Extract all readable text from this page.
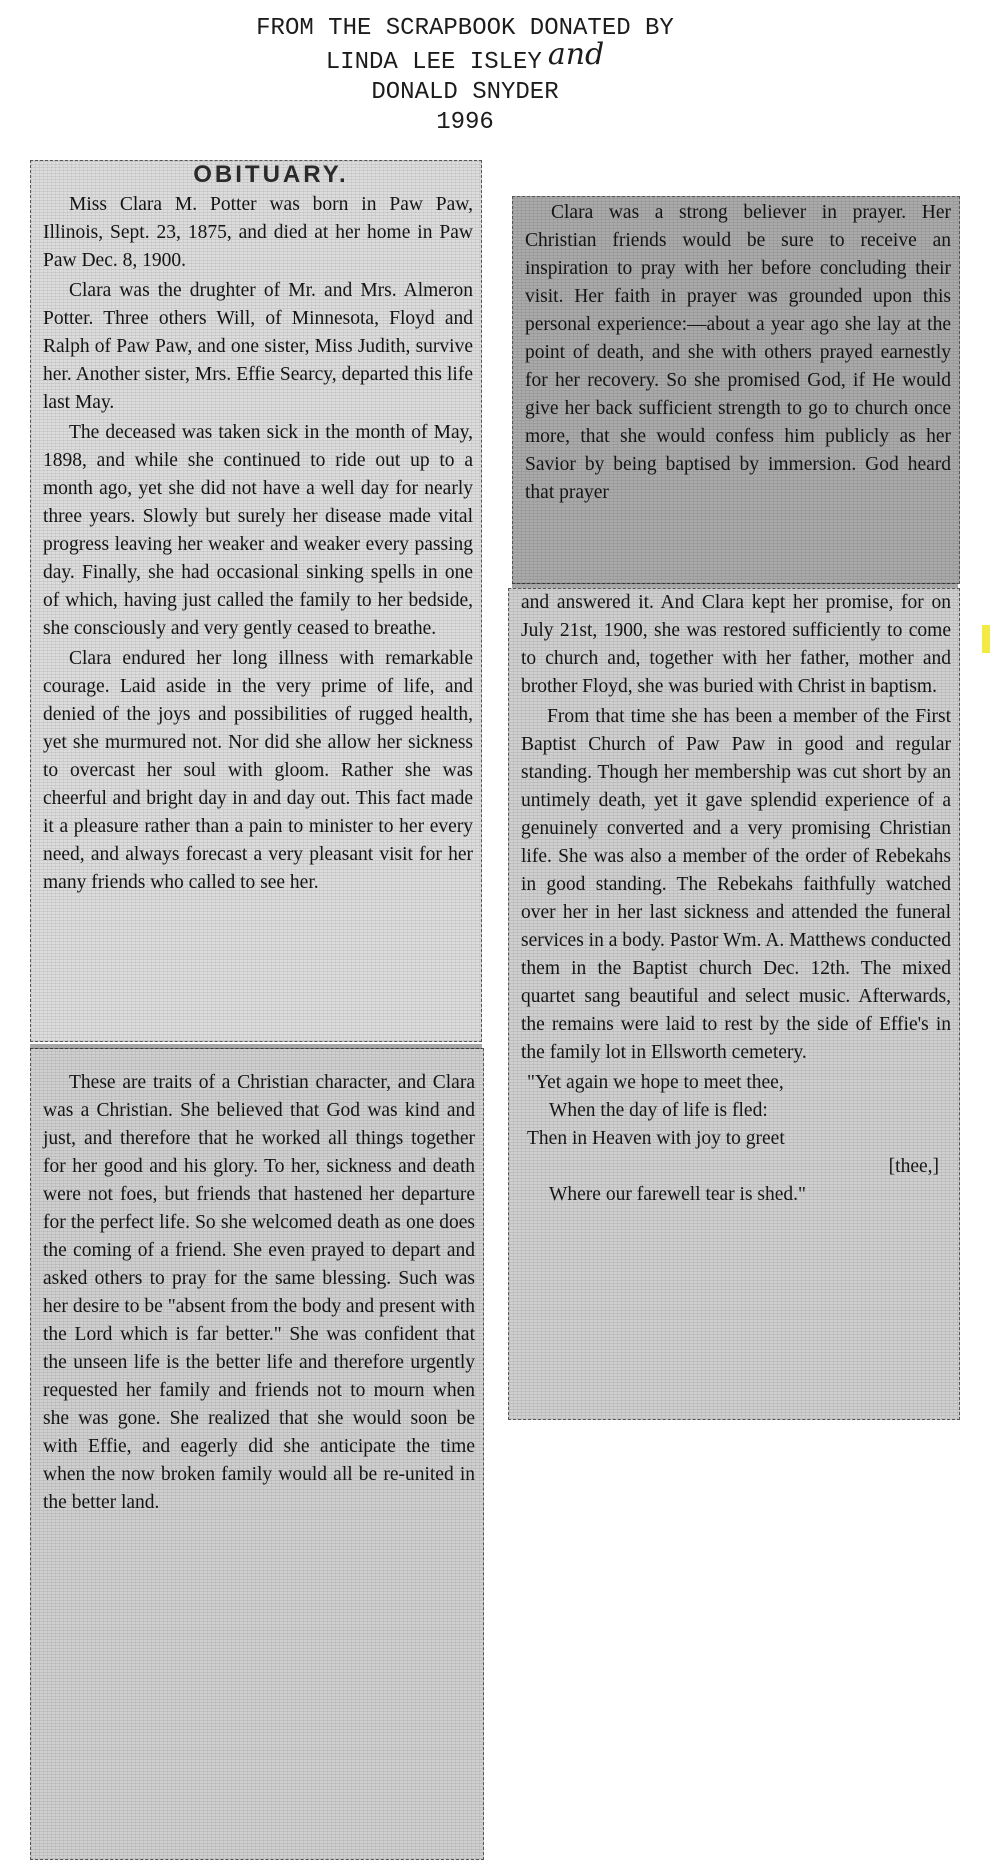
FROM THE SCRAPBOOK DONATED BY
LINDA LEE ISLEY and
DONALD SNYDER
1996

OBITUARY.

Miss Clara M. Potter was born in Paw Paw, Illinois, Sept. 23, 1875, and died at her home in Paw Paw Dec. 8, 1900.

Clara was the drughter of Mr. and Mrs. Almeron Potter. Three others Will, of Minnesota, Floyd and Ralph of Paw Paw, and one sister, Miss Judith, survive her. Another sister, Mrs. Effie Searcy, departed this life last May.

The deceased was taken sick in the month of May, 1898, and while she continued to ride out up to a month ago, yet she did not have a well day for nearly three years. Slowly but surely her disease made vital progress leaving her weaker and weaker every passing day. Finally, she had occasional sinking spells in one of which, having just called the family to her bedside, she consciously and very gently ceased to breathe.

Clara endured her long illness with remarkable courage. Laid aside in the very prime of life, and denied of the joys and possibilities of rugged health, yet she murmured not. Nor did she allow her sickness to overcast her soul with gloom. Rather she was cheerful and bright day in and day out. This fact made it a pleasure rather than a pain to minister to her every need, and always forecast a very pleasant visit for her many friends who called to see her.

These are traits of a Christian character, and Clara was a Christian. She believed that God was kind and just, and therefore that he worked all things together for her good and his glory. To her, sickness and death were not foes, but friends that hastened her departure for the perfect life. So she welcomed death as one does the coming of a friend. She even prayed to depart and asked others to pray for the same blessing. Such was her desire to be "absent from the body and present with the Lord which is far better." She was confident that the unseen life is the better life and therefore urgently requested her family and friends not to mourn when she was gone. She realized that she would soon be with Effie, and eagerly did she anticipate the time when the now broken family would all be re-united in the better land.

Clara was a strong believer in prayer. Her Christian friends would be sure to receive an inspiration to pray with her before concluding their visit. Her faith in prayer was grounded upon this personal experience:—about a year ago she lay at the point of death, and she with others prayed earnestly for her recovery. So she promised God, if He would give her back sufficient strength to go to church once more, that she would confess him publicly as her Savior by being baptised by immersion. God heard that prayer

and answered it. And Clara kept her promise, for on July 21st, 1900, she was restored sufficiently to come to church and, together with her father, mother and brother Floyd, she was buried with Christ in baptism.

From that time she has been a member of the First Baptist Church of Paw Paw in good and regular standing. Though her membership was cut short by an untimely death, yet it gave splendid experience of a genuinely converted and a very promising Christian life. She was also a member of the order of Rebekahs in good standing. The Rebekahs faithfully watched over her in her last sickness and attended the funeral services in a body. Pastor Wm. A. Matthews conducted them in the Baptist church Dec. 12th. The mixed quartet sang beautiful and select music. Afterwards, the remains were laid to rest by the side of Effie's in the family lot in Ellsworth cemetery.

"Yet again we hope to meet thee,
When the day of life is fled:
Then in Heaven with joy to greet
[thee,]
Where our farewell tear is shed."
